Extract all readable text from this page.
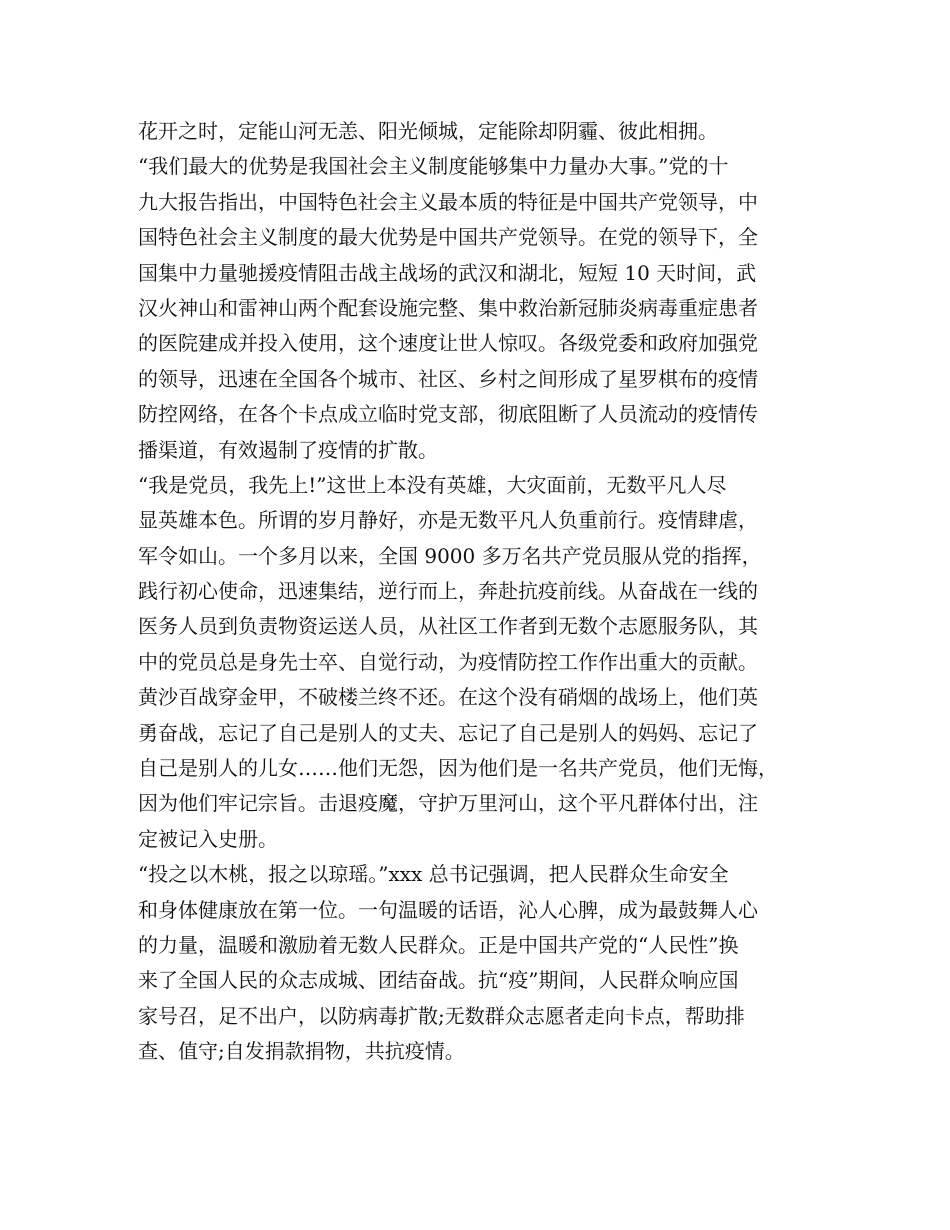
花开之时，定能山河无恙、阳光倾城，定能除却阴霾、彼此相拥。
“我们最大的优势是我国社会主义制度能够集中力量办大事。”党的十
九大报告指出，中国特色社会主义最本质的特征是中国共产党领导，中
国特色社会主义制度的最大优势是中国共产党领导。在党的领导下，全
国集中力量驰援疫情阻击战主战场的武汉和湖北，短短 10 天时间，武
汉火神山和雷神山两个配套设施完整、集中救治新冠肺炎病毒重症患者
的医院建成并投入使用，这个速度让世人惊叹。各级党委和政府加强党
的领导，迅速在全国各个城市、社区、乡村之间形成了星罗棋布的疫情
防控网络，在各个卡点成立临时党支部，彻底阻断了人员流动的疫情传
播渠道，有效遏制了疫情的扩散。
“我是党员，我先上!”这世上本没有英雄，大灾面前，无数平凡人尽
显英雄本色。所谓的岁月静好，亦是无数平凡人负重前行。疫情肆虐，
军令如山。一个多月以来，全国 9000 多万名共产党员服从党的指挥，
践行初心使命，迅速集结，逆行而上，奔赴抗疫前线。从奋战在一线的
医务人员到负责物资运送人员，从社区工作者到无数个志愿服务队，其
中的党员总是身先士卒、自觉行动，为疫情防控工作作出重大的贡献。
黄沙百战穿金甲，不破楼兰终不还。在这个没有硝烟的战场上，他们英
勇奋战，忘记了自己是别人的丈夫、忘记了自己是别人的妈妈、忘记了
自己是别人的儿女……他们无怨，因为他们是一名共产党员，他们无悔，
因为他们牢记宗旨。击退疫魔，守护万里河山，这个平凡群体付出，注
定被记入史册。
“投之以木桃，报之以琼瑶。”xxx 总书记强调，把人民群众生命安全
和身体健康放在第一位。一句温暖的话语，沁人心脾，成为最鼓舞人心
的力量，温暖和激励着无数人民群众。正是中国共产党的“人民性”换
来了全国人民的众志成城、团结奋战。抗“疫”期间，人民群众响应国
家号召，足不出户，以防病毒扩散;无数群众志愿者走向卡点，帮助排
查、值守;自发捐款捐物，共抗疫情。
